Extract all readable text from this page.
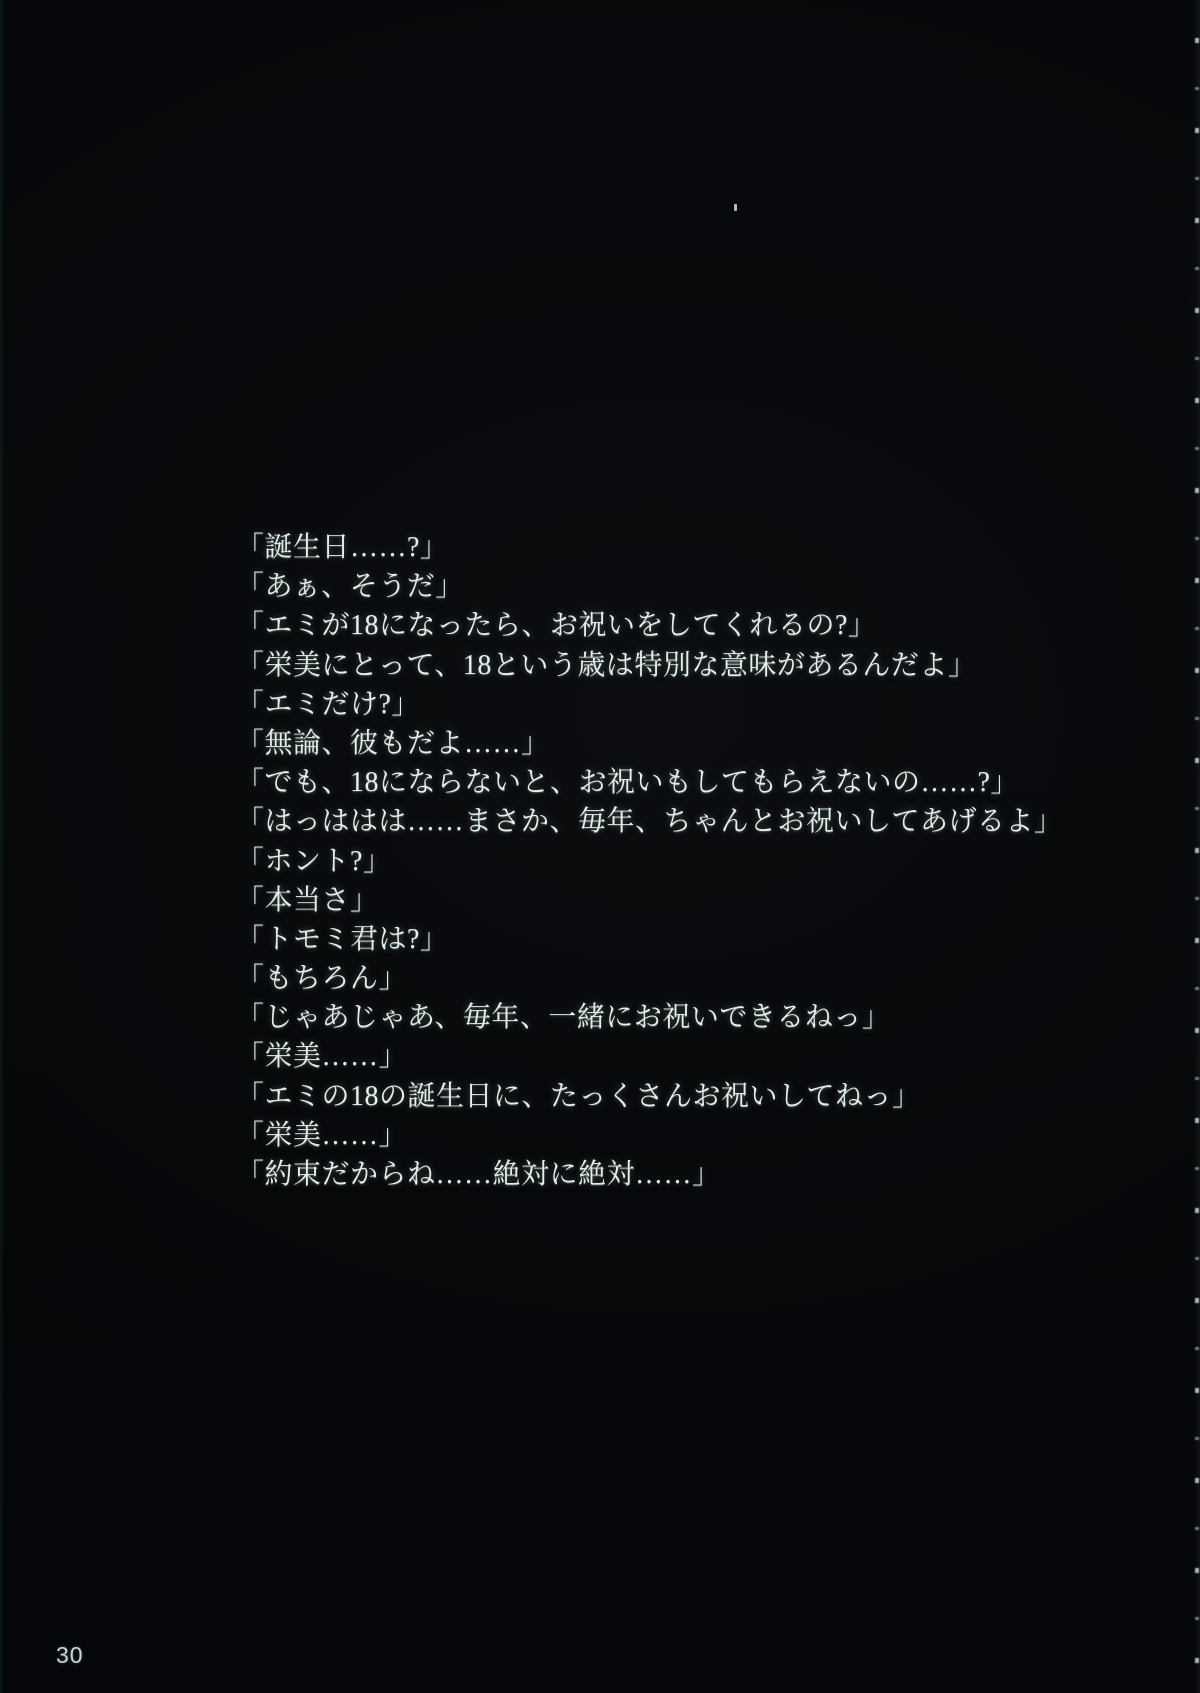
「誕生日……?」
「あぁ、そうだ」
「エミが18になったら、お祝いをしてくれるの?」
「栄美にとって、18という歳は特別な意味があるんだよ」
「エミだけ?」
「無論、彼もだよ……」
「でも、18にならないと、お祝いもしてもらえないの……?」
「はっははは……まさか、毎年、ちゃんとお祝いしてあげるよ」
「ホント?」
「本当さ」
「トモミ君は?」
「もちろん」
「じゃあじゃあ、毎年、一緒にお祝いできるねっ」
「栄美……」
「エミの18の誕生日に、たっくさんお祝いしてねっ」
「栄美……」
「約束だからね……絶対に絶対……」
30
